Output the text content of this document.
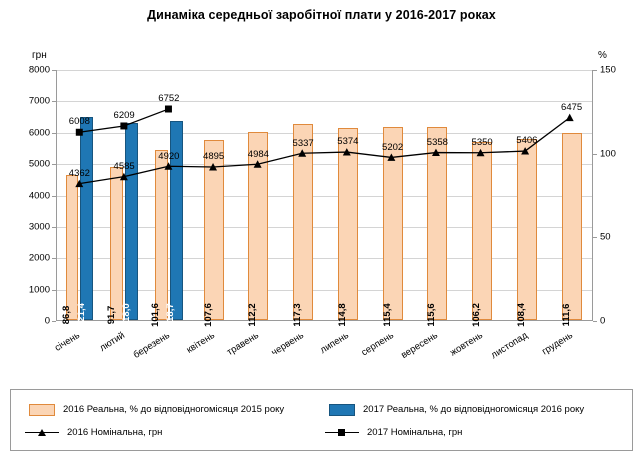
Динаміка середньої заробітної плати у 2016-2017 роках
грн	%
86,8 121,4 91,7 118,0 101,6 118,7	107,6	112,2	117,3	114,8	115,4	115,6	106,2	108,4	111,6
4362
4585
4920 4895 4984
5337 5374 5202 5358 5350 5406
6475
6008
6209
6752
0
1000
2000
3000
4000
5000
6000
7000
8000
0
50
100
150
січень лютий березень квітень травень червень липень серпень вересень жовтень листопад грудень
2016 Реальна, % до відповідногомісяця 2015 року	2017 Реальна, % до відповідногомісяця 2016 року
2016 Номінальна, грн	2017 Номінальна, грн
